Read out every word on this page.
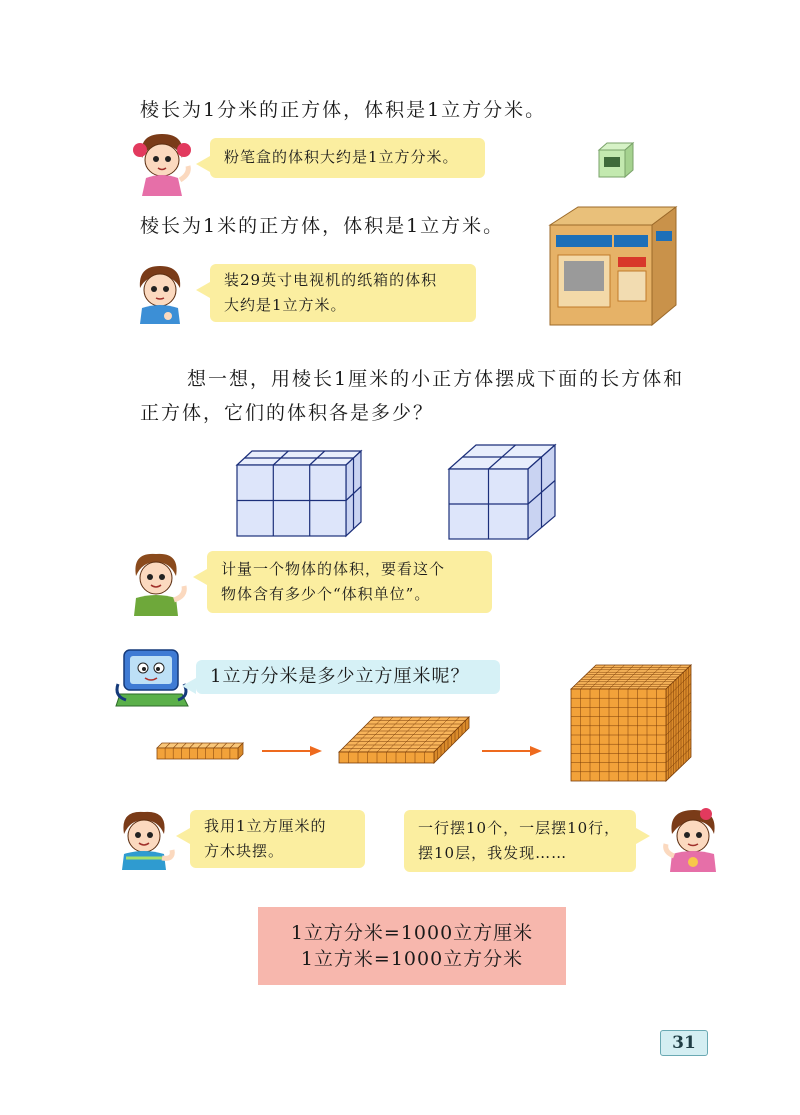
棱长为1分米的正方体，体积是1立方分米。
粉笔盒的体积大约是1立方分米。
棱长为1米的正方体，体积是1立方米。
装29英寸电视机的纸箱的体积
大约是1立方米。
想一想，用棱长1厘米的小正方体摆成下面的长方体和
正方体，它们的体积各是多少？
计量一个物体的体积，要看这个
物体含有多少个“体积单位”。
1立方分米是多少立方厘米呢？
我用1立方厘米的
方木块摆。
一行摆10个，一层摆10行，
摆10层，我发现……
1立方分米=1000立方厘米
1立方米=1000立方分米
31
